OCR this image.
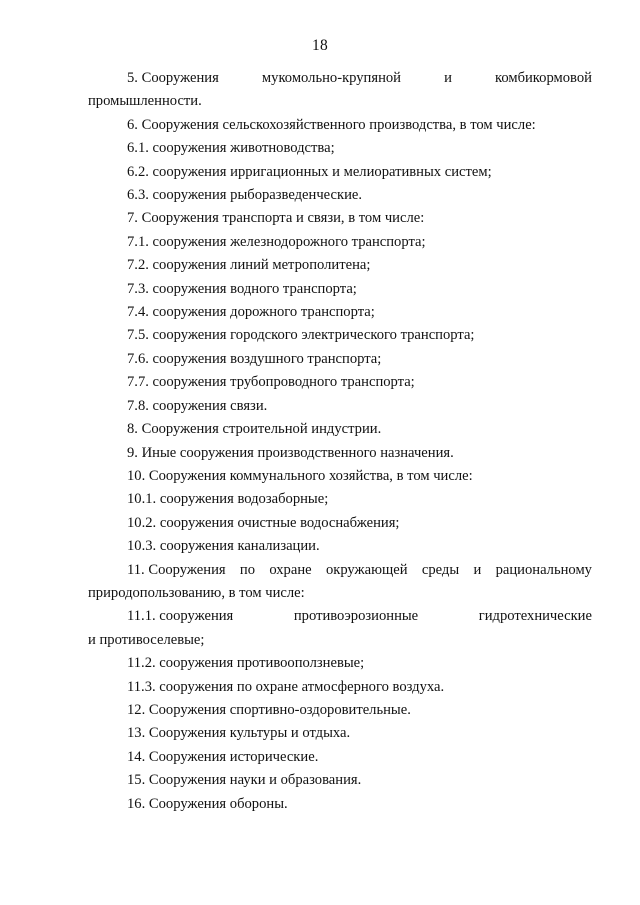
18
5. Сооружения	мукомольно-крупяной	и	комбикормовой
промышленности.
6. Сооружения сельскохозяйственного производства, в том числе:
6.1. сооружения животноводства;
6.2. сооружения ирригационных и мелиоративных систем;
6.3. сооружения рыборазведенческие.
7. Сооружения транспорта и связи, в том числе:
7.1. сооружения железнодорожного транспорта;
7.2. сооружения линий метрополитена;
7.3. сооружения водного транспорта;
7.4. сооружения дорожного транспорта;
7.5. сооружения городского электрического транспорта;
7.6. сооружения воздушного транспорта;
7.7. сооружения трубопроводного транспорта;
7.8. сооружения связи.
8. Сооружения строительной индустрии.
9. Иные сооружения производственного назначения.
10. Сооружения коммунального хозяйства, в том числе:
10.1. сооружения водозаборные;
10.2. сооружения очистные водоснабжения;
10.3. сооружения канализации.
11. Сооружения по охране окружающей среды и рациональному
природопользованию, в том числе:
11.1. сооружения	противоэрозионные	гидротехнические
и противоселевые;
11.2. сооружения противооползневые;
11.3. сооружения по охране атмосферного воздуха.
12. Сооружения спортивно-оздоровительные.
13. Сооружения культуры и отдыха.
14. Сооружения исторические.
15. Сооружения науки и образования.
16. Сооружения обороны.
